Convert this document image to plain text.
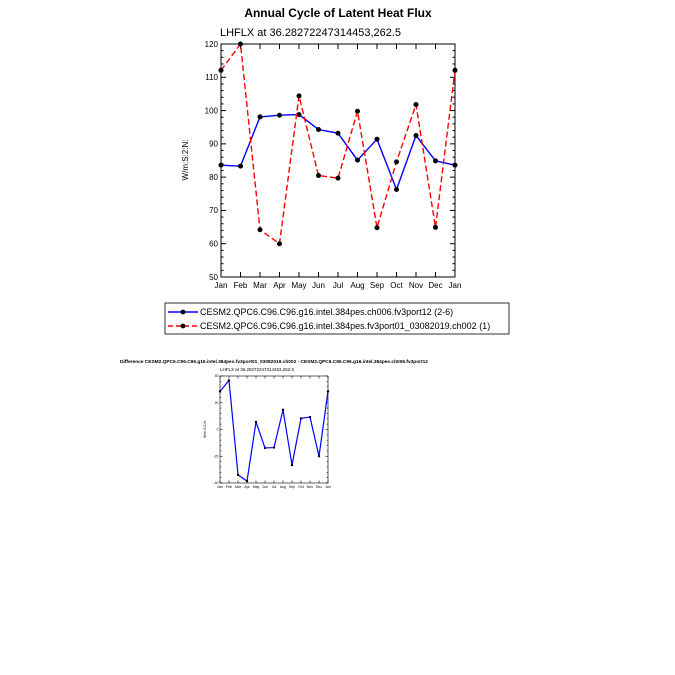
Annual Cycle of Latent Heat Flux
LHFLX at 36.28272247314453,262.5
W/m:S:2:N:
50
60
70
80
90
100
110
120
Jan Feb Mar Apr May Jun Jul Aug Sep Oct Nov Dec Jan
CESM2.QPC6.C96.C96.g16.intel.384pes.ch006.fv3port12 (2-6)
CESM2.QPC6.C96.C96.g16.intel.384pes.fv3port01_03082019.ch002 (1)
Difference CESM2.QPC6.C96.C96.g16.intel.384pes.fv3port01_03082019.ch002 - CESM2.QPC6.C96.C96.g16.intel.384pes.ch006.fv3port12
LHFLX at 36.28272247314453,262.5
W/m:S:2:N:
-40
-20
0
20
40
Jan Feb Mar Apr May Jun Jul Aug Sep Oct Nov Dec Jan
